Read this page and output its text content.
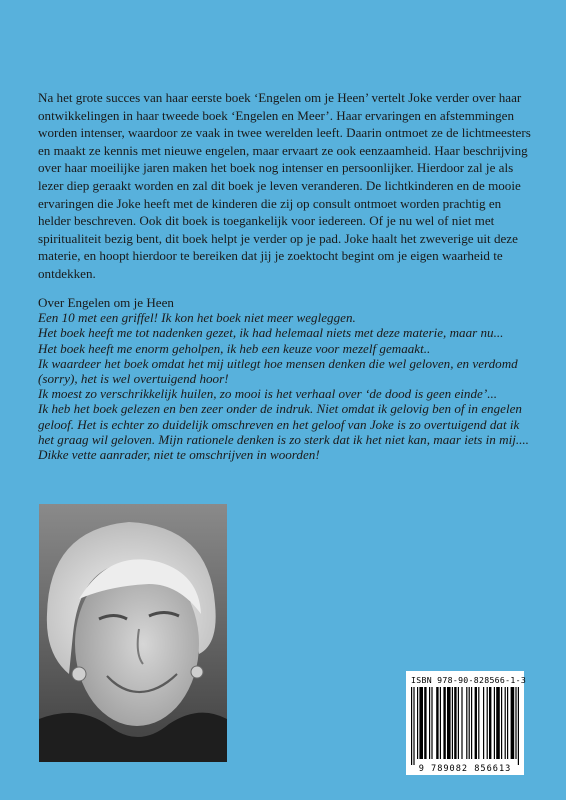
Na het grote succes van haar eerste boek ‘Engelen om je Heen’ vertelt Joke verder over haar ontwikkelingen in haar tweede boek ‘Engelen en Meer’. Haar ervaringen en afstemmingen worden intenser, waardoor ze vaak in twee werelden leeft. Daarin ontmoet ze de lichtmeesters en maakt ze kennis met nieuwe engelen, maar ervaart ze ook eenzaamheid. Haar beschrijving over haar moeilijke jaren maken het boek nog intenser en persoonlijker. Hierdoor zal je als lezer diep geraakt worden en zal dit boek je leven veranderen. De lichtkinderen en de mooie ervaringen die Joke heeft met de kinderen die zij op consult ontmoet worden prachtig en helder beschreven. Ook dit boek is toegankelijk voor iedereen. Of je nu wel of niet met spiritualiteit bezig bent, dit boek helpt je verder op je pad. Joke haalt het zweverige uit deze materie, en hoopt hierdoor te bereiken dat jij je zoektocht begint om je eigen waarheid te ontdekken.

Over Engelen om je Heen
Een 10 met een griffel! Ik kon het boek niet meer wegleggen.
Het boek heeft me tot nadenken gezet, ik had helemaal niets met deze materie, maar nu...
Het boek heeft me enorm geholpen, ik heb een keuze voor mezelf gemaakt..
Ik waardeer het boek omdat het mij uitlegt hoe mensen denken die wel geloven, en verdomd (sorry), het is wel overtuigend hoor!
Ik moest zo verschrikkelijk huilen, zo mooi is het verhaal over ‘de dood is geen einde’...
Ik heb het boek gelezen en ben zeer onder de indruk. Niet omdat ik gelovig ben of in engelen geloof. Het is echter zo duidelijk omschreven en het geloof van Joke is zo overtuigend dat ik het graag wil geloven. Mijn rationele denken is zo sterk dat ik het niet kan, maar iets in mij....
Dikke vette aanrader, niet te omschrijven in woorden!
ISBN 978-90-828566-1-3
9 789082 856613
